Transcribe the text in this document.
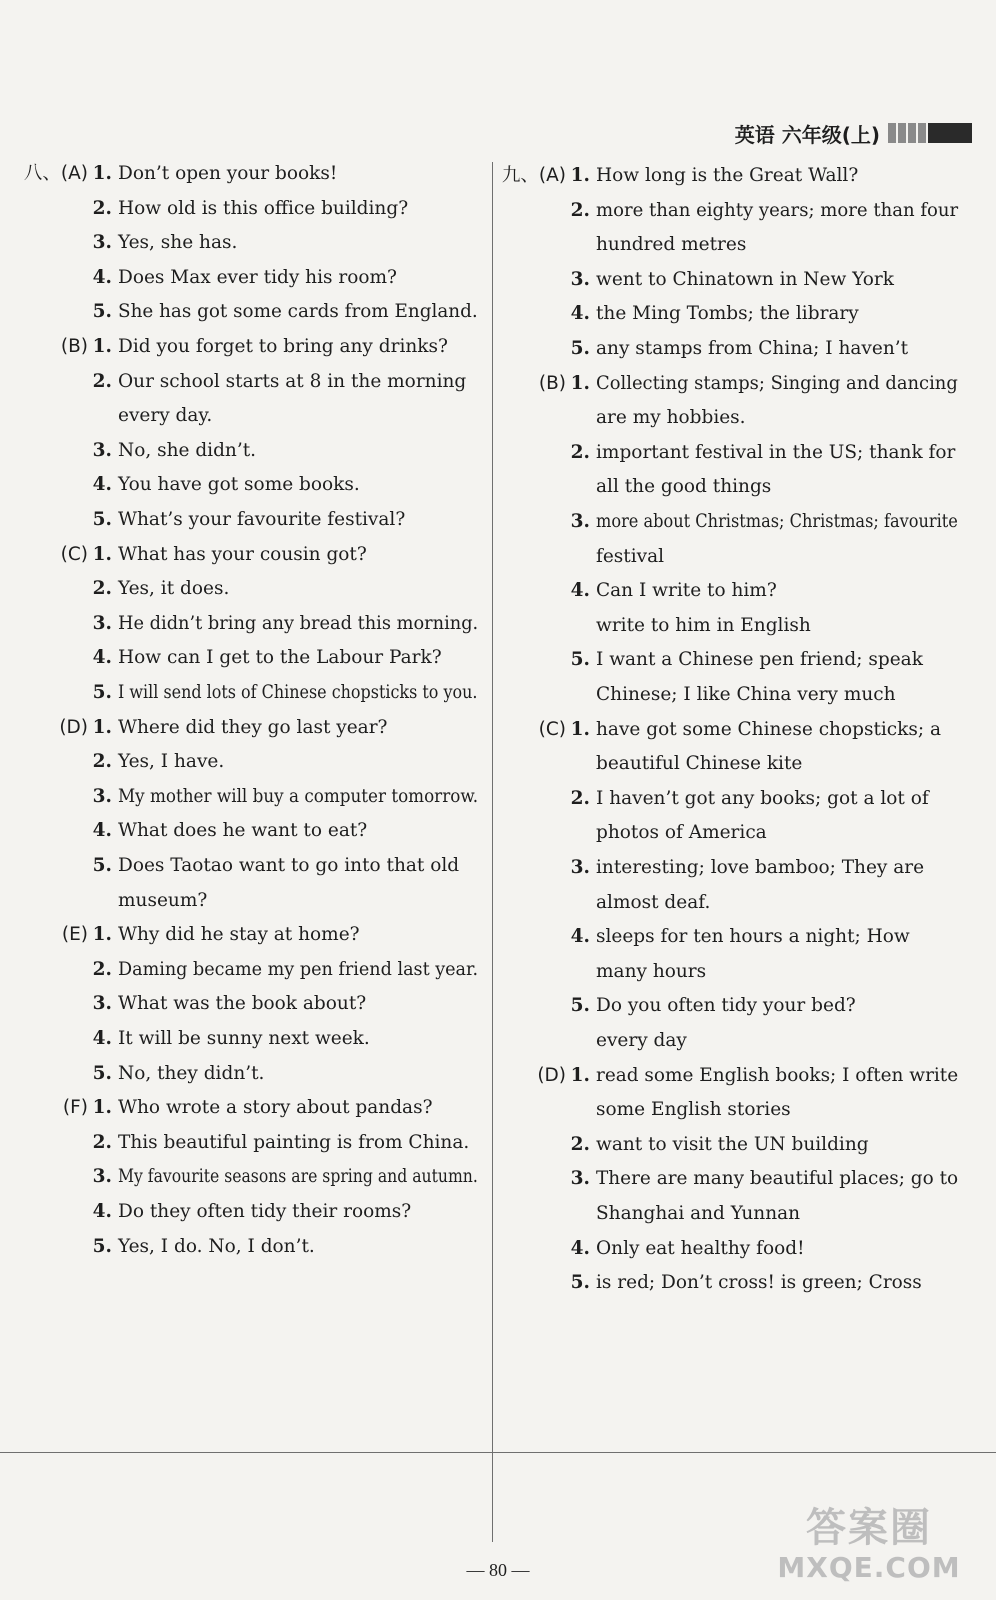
英语 六年级(上)
八、(A) 1. Don’t open your books!
2. How old is this office building?
3. Yes, she has.
4. Does Max ever tidy his room?
5. She has got some cards from England.
(B) 1. Did you forget to bring any drinks?
2. Our school starts at 8 in the morning
every day.
3. No, she didn’t.
4. You have got some books.
5. What’s your favourite festival?
(C) 1. What has your cousin got?
2. Yes, it does.
3. He didn’t bring any bread this morning.
4. How can I get to the Labour Park?
5. I will send lots of Chinese chopsticks to you.
(D) 1. Where did they go last year?
2. Yes, I have.
3. My mother will buy a computer tomorrow.
4. What does he want to eat?
5. Does Taotao want to go into that old
museum?
(E) 1. Why did he stay at home?
2. Daming became my pen friend last year.
3. What was the book about?
4. It will be sunny next week.
5. No, they didn’t.
(F) 1. Who wrote a story about pandas?
2. This beautiful painting is from China.
3. My favourite seasons are spring and autumn.
4. Do they often tidy their rooms?
5. Yes, I do. No, I don’t.
九、(A) 1. How long is the Great Wall?
2. more than eighty years; more than four
hundred metres
3. went to Chinatown in New York
4. the Ming Tombs; the library
5. any stamps from China; I haven’t
(B) 1. Collecting stamps; Singing and dancing
are my hobbies.
2. important festival in the US; thank for
all the good things
3. more about Christmas; Christmas; favourite
festival
4. Can I write to him?
write to him in English
5. I want a Chinese pen friend; speak
Chinese; I like China very much
(C) 1. have got some Chinese chopsticks; a
beautiful Chinese kite
2. I haven’t got any books; got a lot of
photos of America
3. interesting; love bamboo; They are
almost deaf.
4. sleeps for ten hours a night; How
many hours
5. Do you often tidy your bed?
every day
(D) 1. read some English books; I often write
some English stories
2. want to visit the UN building
3. There are many beautiful places; go to
Shanghai and Yunnan
4. Only eat healthy food!
5. is red; Don’t cross! is green; Cross
— 80 —
答案圈
MXQE.COM
